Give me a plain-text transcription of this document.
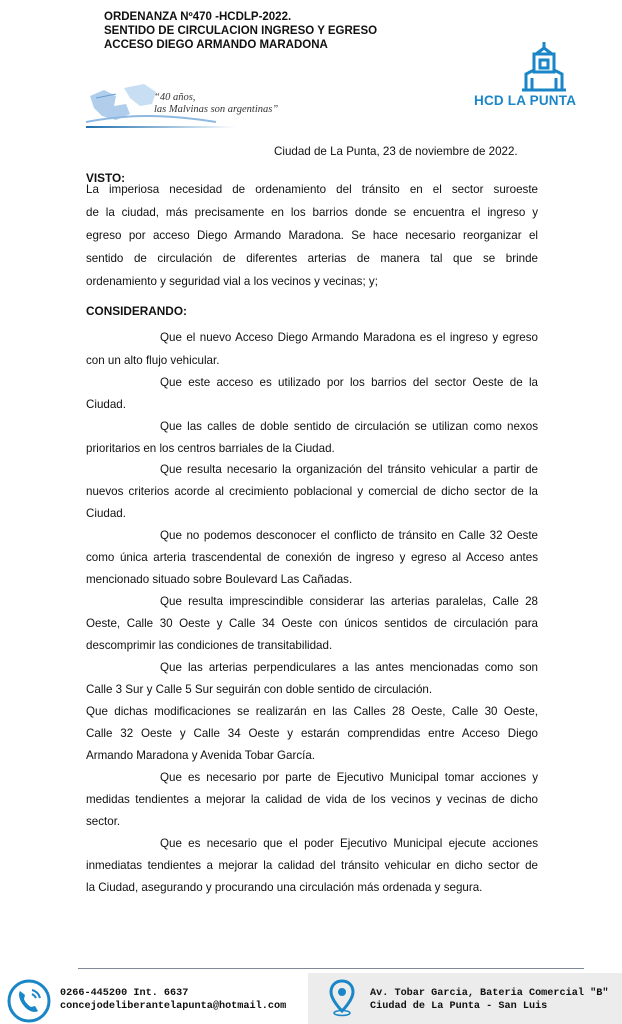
ORDENANZA Nº470 -HCDLP-2022.
SENTIDO DE CIRCULACION INGRESO Y EGRESO
ACCESO DIEGO ARMANDO MARADONA
“40 años,
las Malvinas son argentinas”
HCD LA PUNTA
Ciudad de La Punta, 23 de noviembre de 2022.
VISTO:
La imperiosa necesidad de ordenamiento del tránsito en el sector suroeste
de la ciudad, más precisamente en los barrios donde se encuentra el ingreso y
egreso por acceso Diego Armando Maradona. Se hace necesario reorganizar el
sentido de circulación de diferentes arterias de manera tal que se brinde
ordenamiento y seguridad vial a los vecinos y vecinas; y;
CONSIDERANDO:
Que el nuevo Acceso Diego Armando Maradona es el ingreso y egreso
con un alto flujo vehicular.
Que este acceso es utilizado por los barrios del sector Oeste de la
Ciudad.
Que las calles de doble sentido de circulación se utilizan como nexos
prioritarios en los centros barriales de la Ciudad.
Que resulta necesario la organización del tránsito vehicular a partir de
nuevos criterios acorde al crecimiento poblacional y comercial de dicho sector de la
Ciudad.
Que no podemos desconocer el conflicto de tránsito en Calle 32 Oeste
como única arteria trascendental de conexión de ingreso y egreso al Acceso antes
mencionado situado sobre Boulevard Las Cañadas.
Que resulta imprescindible considerar las arterias paralelas, Calle 28
Oeste, Calle 30 Oeste y Calle 34 Oeste con únicos sentidos de circulación para
descomprimir las condiciones de transitabilidad.
Que las arterias perpendiculares a las antes mencionadas como son
Calle 3 Sur y Calle 5 Sur seguirán con doble sentido de circulación.
Que dichas modificaciones se realizarán en las Calles 28 Oeste, Calle 30 Oeste,
Calle 32 Oeste y Calle 34 Oeste y estarán comprendidas entre Acceso Diego
Armando Maradona y Avenida Tobar García.
Que es necesario por parte de Ejecutivo Municipal tomar acciones y
medidas tendientes a mejorar la calidad de vida de los vecinos y vecinas de dicho
sector.
Que es necesario que el poder Ejecutivo Municipal ejecute acciones
inmediatas tendientes a mejorar la calidad del tránsito vehicular en dicho sector de
la Ciudad, asegurando y procurando una circulación más ordenada y segura.
0266-445200 Int. 6637
concejodeliberantelapunta@hotmail.com
Av. Tobar Garcia, Bateria Comercial "B"
Ciudad de La Punta - San Luis
